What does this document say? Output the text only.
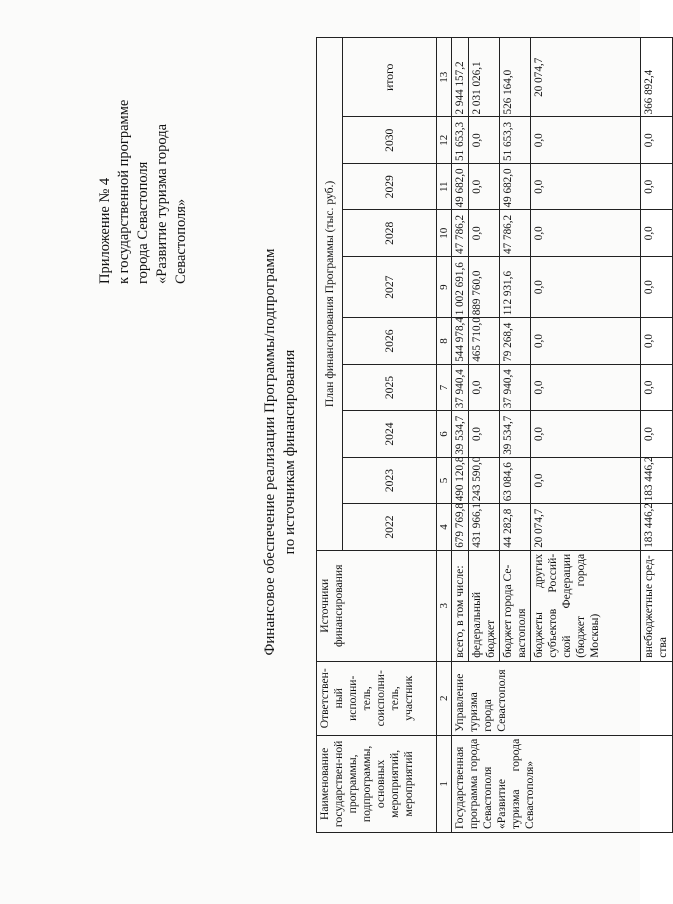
Приложение № 4 к государственной программе города Севастополя «Развитие туризма города Севастополя»
Финансовое обеспечение реализации Программы/подпрограмм по источникам финансирования
Наименование государствен-ной программы, подпрограммы, основных мероприятий, мероприятий	Ответствен-ный исполни-тель, соисполни-тель, участник	Источники финансирования	План финансирования Программы (тыс. руб.)									
			2022	2023	2024	2025	2026	2027	2028	2029	2030	итого
1	2	3	4	5	6	7	8	9	10	11	12	13
Государственная программа города Севастополя «Развитие туризма города Севастополя»	Управление туризма города Севастополя	всего, в том числе:	679 769,8	490 120,8	39 534,7	37 940,4	544 978,4	1 002 691,6	47 786,2	49 682,0	51 653,3	2 944 157,2
		федеральный бюджет	431 966,1	243 590,0	0,0	0,0	465 710,0	889 760,0	0,0	0,0	0,0	2 031 026,1
		бюджет города Се-вастополя	44 282,8	63 084,6	39 534,7	37 940,4	79 268,4	112 931,6	47 786,2	49 682,0	51 653,3	526 164,0
		бюджеты других субъектов Россий-ской Федерации (бюджет города Москвы)	20 074,7	0,0	0,0	0,0	0,0	0,0	0,0	0,0	0,0	20 074,7
		внебюджетные сред-ства	183 446,2	183 446,2	0,0	0,0	0,0	0,0	0,0	0,0	0,0	366 892,4
